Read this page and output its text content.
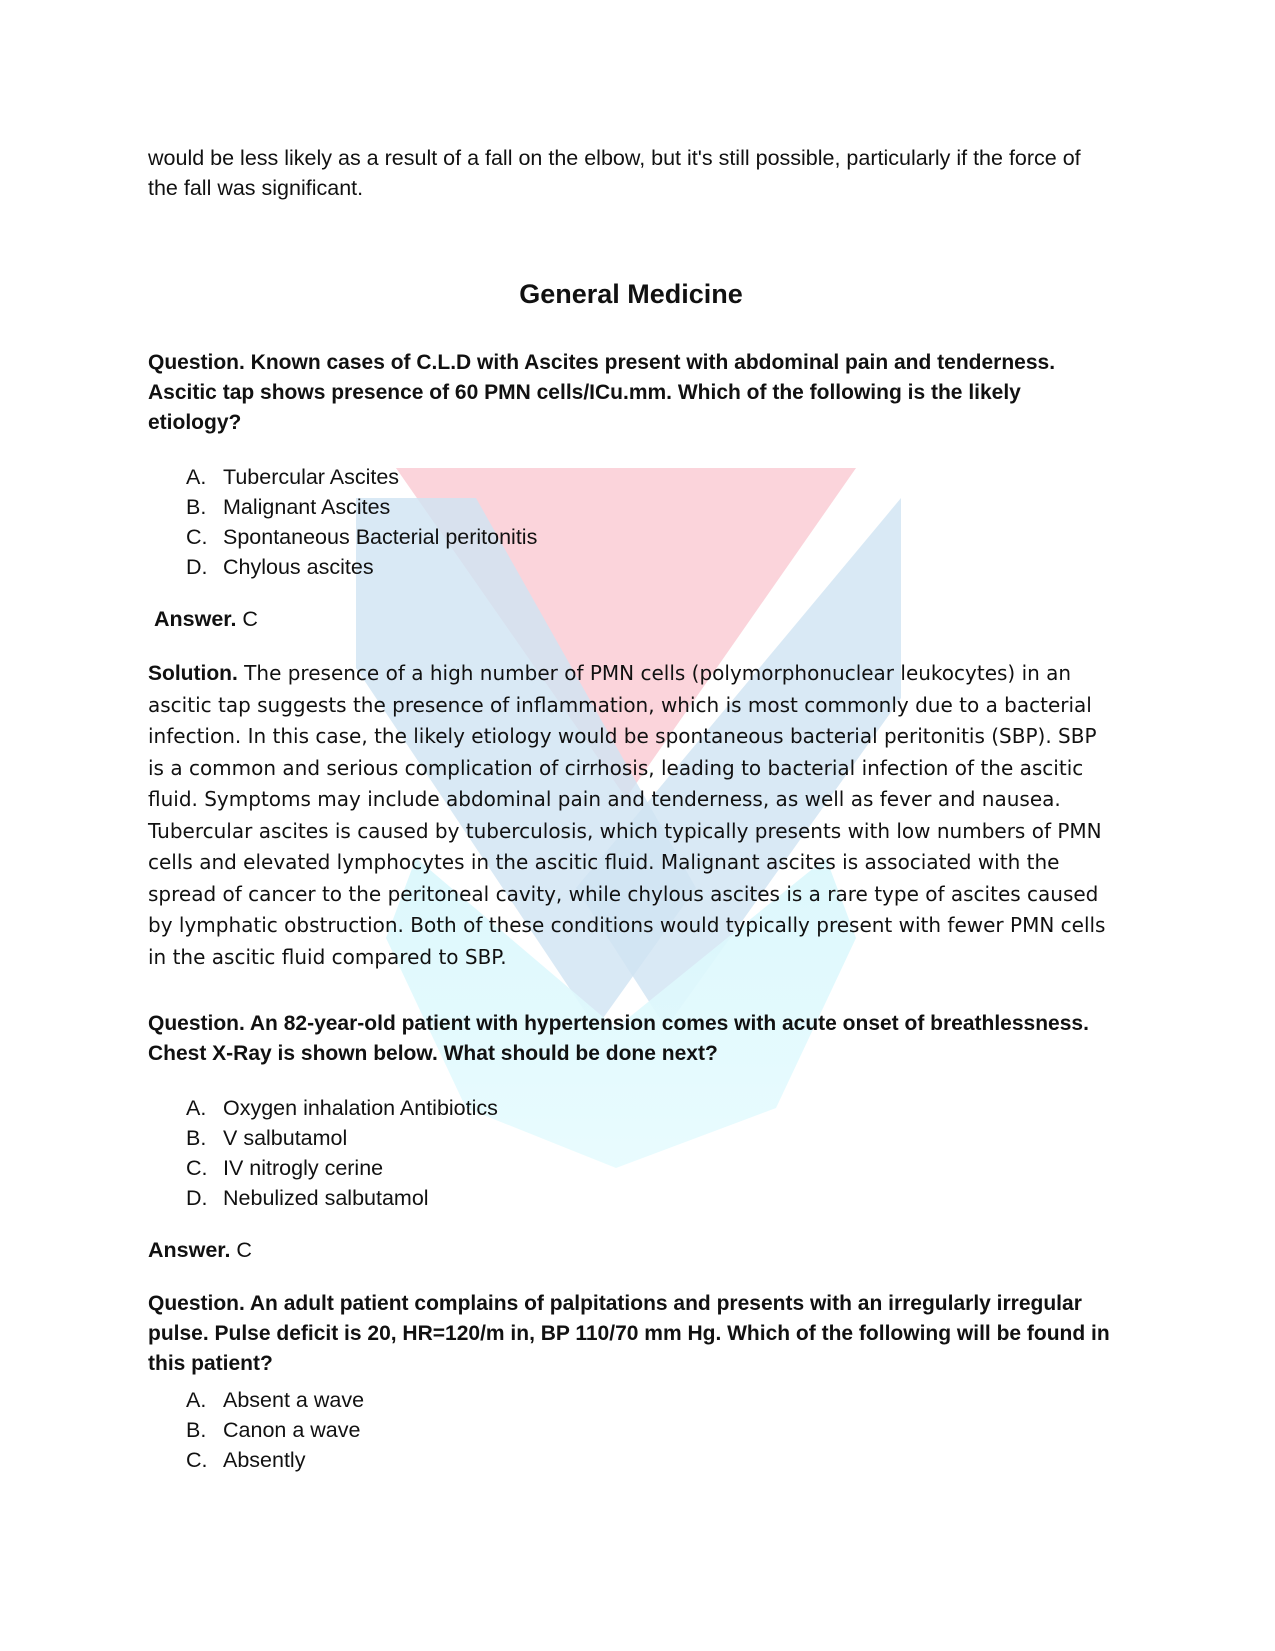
would be less likely as a result of a fall on the elbow, but it's still possible, particularly if the force of the fall was significant.

General Medicine

Question. Known cases of C.L.D with Ascites present with abdominal pain and tenderness. Ascitic tap shows presence of 60 PMN cells/ICu.mm. Which of the following is the likely etiology?

A. Tubercular Ascites
B. Malignant Ascites
C. Spontaneous Bacterial peritonitis
D. Chylous ascites

Answer. C

Solution. The presence of a high number of PMN cells (polymorphonuclear leukocytes) in an ascitic tap suggests the presence of inflammation, which is most commonly due to a bacterial infection. In this case, the likely etiology would be spontaneous bacterial peritonitis (SBP). SBP is a common and serious complication of cirrhosis, leading to bacterial infection of the ascitic fluid. Symptoms may include abdominal pain and tenderness, as well as fever and nausea. Tubercular ascites is caused by tuberculosis, which typically presents with low numbers of PMN cells and elevated lymphocytes in the ascitic fluid. Malignant ascites is associated with the spread of cancer to the peritoneal cavity, while chylous ascites is a rare type of ascites caused by lymphatic obstruction. Both of these conditions would typically present with fewer PMN cells in the ascitic fluid compared to SBP.

Question. An 82-year-old patient with hypertension comes with acute onset of breathlessness. Chest X-Ray is shown below. What should be done next?

A. Oxygen inhalation Antibiotics
B. V salbutamol
C. IV nitrogly cerine
D. Nebulized salbutamol

Answer. C

Question. An adult patient complains of palpitations and presents with an irregularly irregular pulse. Pulse deficit is 20, HR=120/m in, BP 110/70 mm Hg. Which of the following will be found in this patient?

A. Absent a wave
B. Canon a wave
C. Absently
